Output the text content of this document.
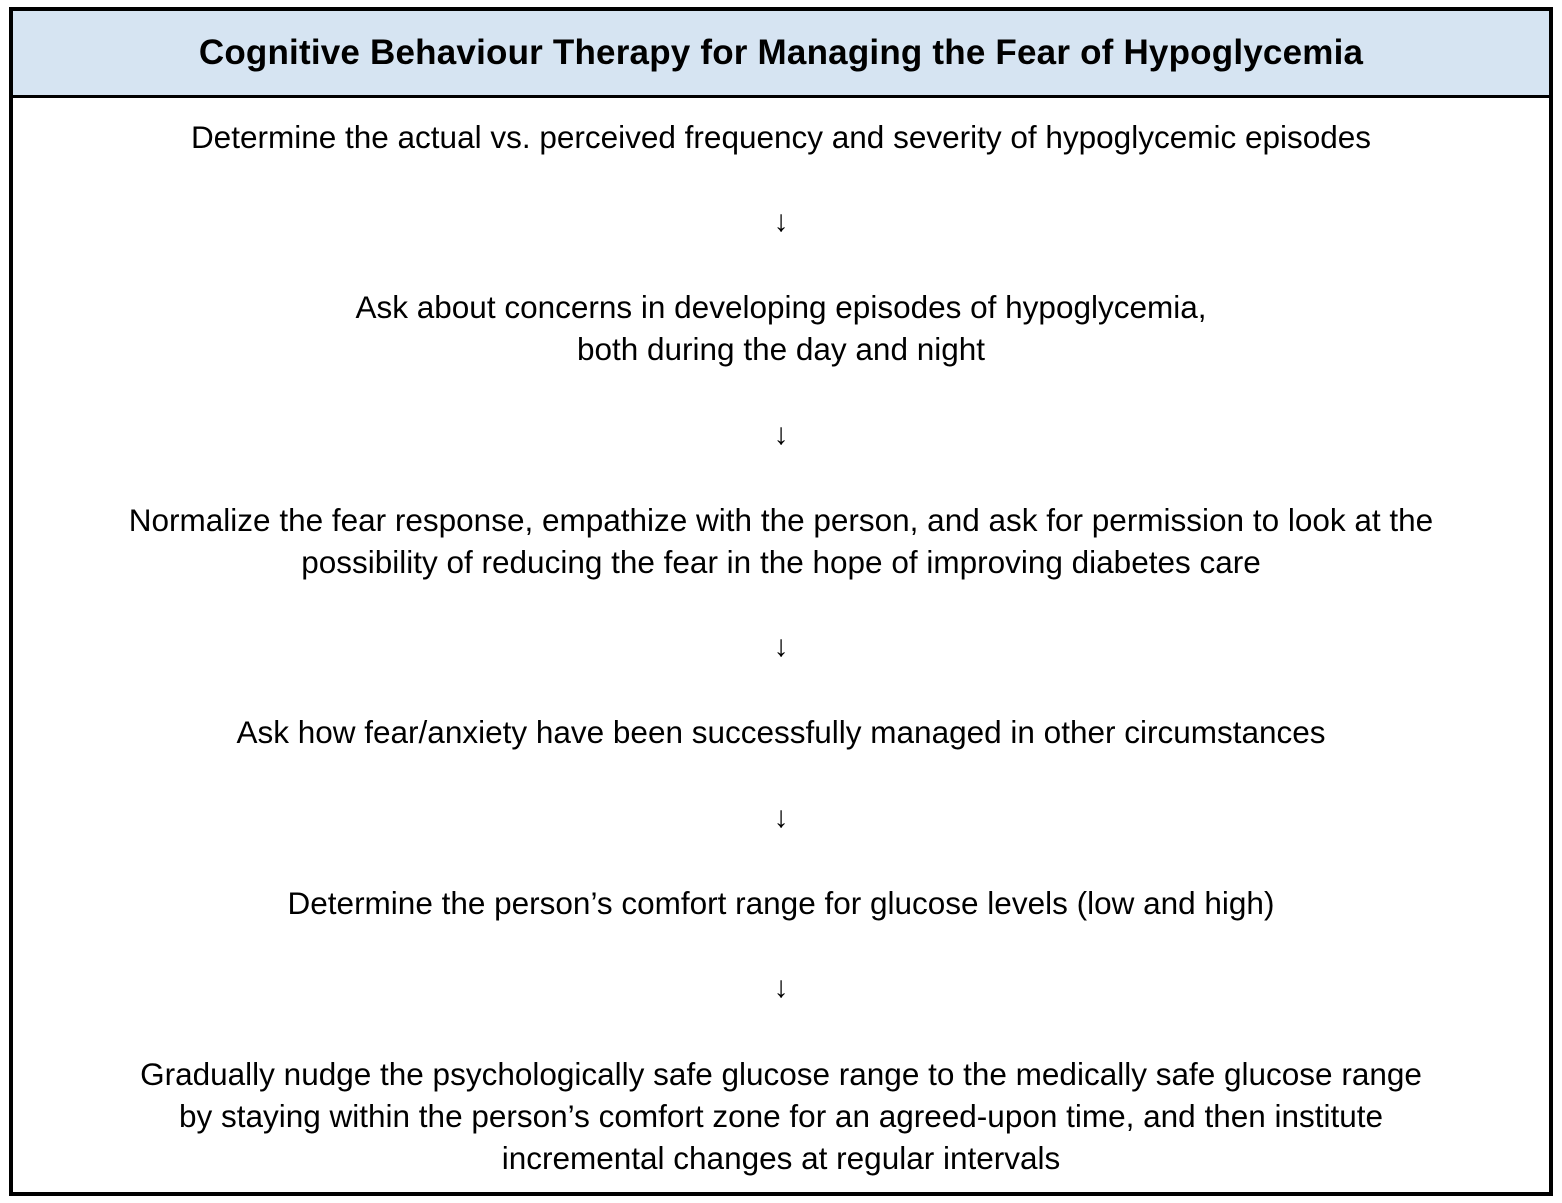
Cognitive Behaviour Therapy for Managing the Fear of Hypoglycemia
Determine the actual vs. perceived frequency and severity of hypoglycemic episodes
↓
Ask about concerns in developing episodes of hypoglycemia,
both during the day and night
↓
Normalize the fear response, empathize with the person, and ask for permission to look at the
possibility of reducing the fear in the hope of improving diabetes care
↓
Ask how fear/anxiety have been successfully managed in other circumstances
↓
Determine the person’s comfort range for glucose levels (low and high)
↓
Gradually nudge the psychologically safe glucose range to the medically safe glucose range
by staying within the person’s comfort zone for an agreed-upon time, and then institute
incremental changes at regular intervals
